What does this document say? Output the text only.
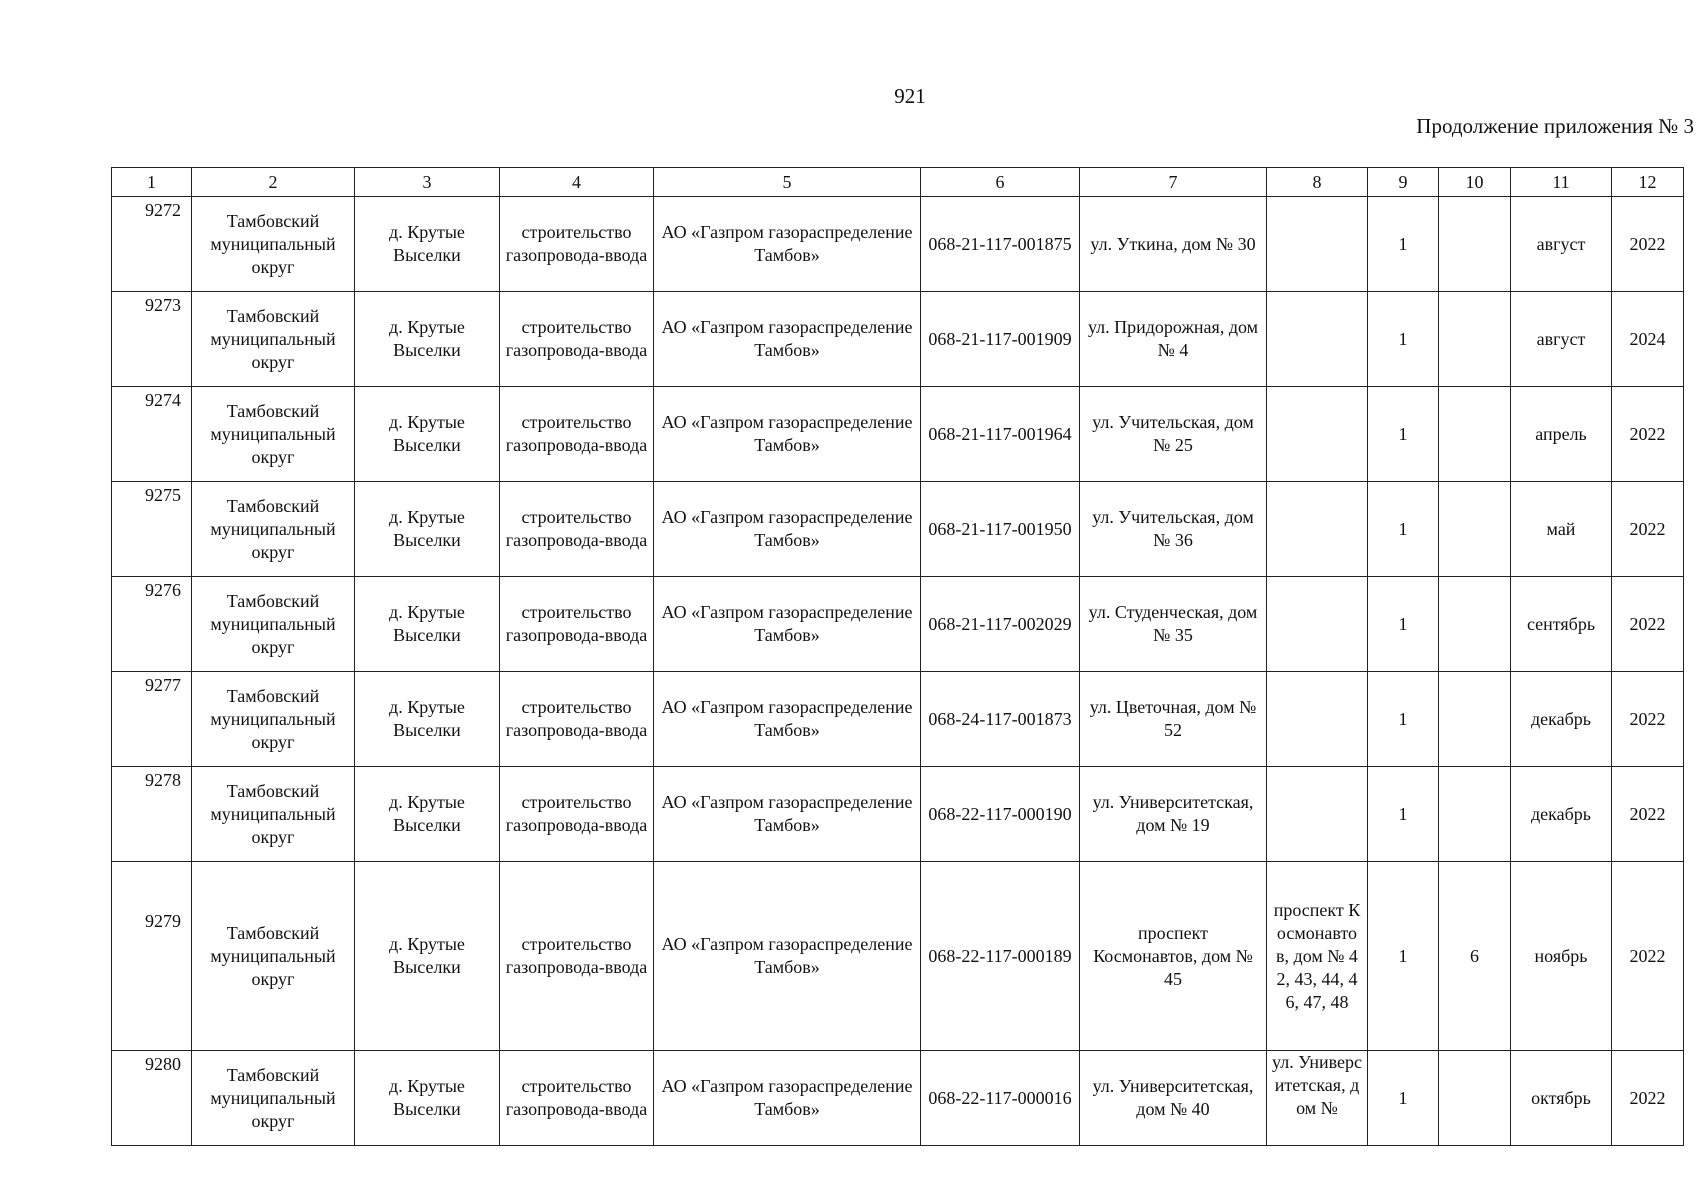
921
Продолжение приложения № 3
1	2	3	4	5	6	7	8	9	10	11	12
9272	Тамбовский муниципальный округ	д. Крутые Выселки	строительство газопровода-ввода	АО «Газпром газораспределение Тамбов»	068-21-117-001875	ул. Уткина, дом № 30		1		август	2022
9273	Тамбовский муниципальный округ	д. Крутые Выселки	строительство газопровода-ввода	АО «Газпром газораспределение Тамбов»	068-21-117-001909	ул. Придорожная, дом № 4		1		август	2024
9274	Тамбовский муниципальный округ	д. Крутые Выселки	строительство газопровода-ввода	АО «Газпром газораспределение Тамбов»	068-21-117-001964	ул. Учительская, дом № 25		1		апрель	2022
9275	Тамбовский муниципальный округ	д. Крутые Выселки	строительство газопровода-ввода	АО «Газпром газораспределение Тамбов»	068-21-117-001950	ул. Учительская, дом № 36		1		май	2022
9276	Тамбовский муниципальный округ	д. Крутые Выселки	строительство газопровода-ввода	АО «Газпром газораспределение Тамбов»	068-21-117-002029	ул. Студенческая, дом № 35		1		сентябрь	2022
9277	Тамбовский муниципальный округ	д. Крутые Выселки	строительство газопровода-ввода	АО «Газпром газораспределение Тамбов»	068-24-117-001873	ул. Цветочная, дом № 52		1		декабрь	2022
9278	Тамбовский муниципальный округ	д. Крутые Выселки	строительство газопровода-ввода	АО «Газпром газораспределение Тамбов»	068-22-117-000190	ул. Университетская, дом № 19		1		декабрь	2022
9279	Тамбовский муниципальный округ	д. Крутые Выселки	строительство газопровода-ввода	АО «Газпром газораспределение Тамбов»	068-22-117-000189	проспект Космонавтов, дом № 45	проспект Космонавтов, дом № 42, 43, 44, 46, 47, 48	1	6	ноябрь	2022
9280	Тамбовский муниципальный округ	д. Крутые Выселки	строительство газопровода-ввода	АО «Газпром газораспределение Тамбов»	068-22-117-000016	ул. Университетская, дом № 40	ул. Университетская, дом №	1		октябрь	2022
